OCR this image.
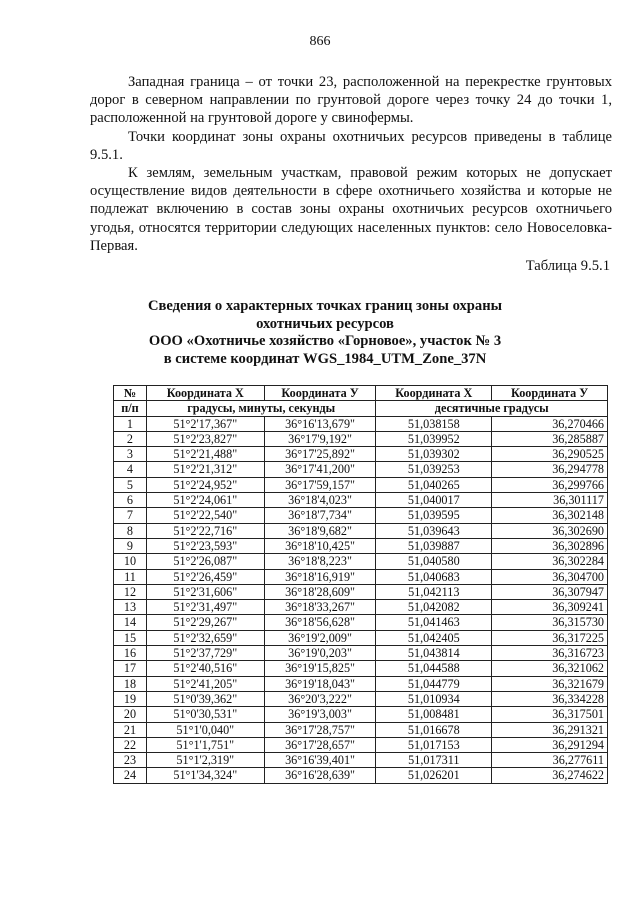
866

Западная граница – от точки 23, расположенной на перекрестке грунтовых дорог в северном направлении по грунтовой дороге через точку 24 до точки 1, расположенной на грунтовой дороге у свинофермы.

Точки координат зоны охраны охотничьих ресурсов приведены в таблице 9.5.1.

К землям, земельным участкам, правовой режим которых не допускает осуществление видов деятельности в сфере охотничьего хозяйства и которые не подлежат включению в состав зоны охраны охотничьих ресурсов охотничьего угодья, относятся территории следующих населенных пунктов: село Новоселовка-Первая.

Таблица 9.5.1
Сведения о характерных точках границ зоны охраны
охотничьих ресурсов
ООО «Охотничье хозяйство «Горновое», участок № 3
в системе координат WGS_1984_UTM_Zone_37N
№	Координата X	Координата У	Координата X	Координата У
п/п	градусы, минуты, секунды		десятичные градусы	
1	51°2'17,367"	36°16'13,679"	51,038158	36,270466
2	51°2'23,827"	36°17'9,192"	51,039952	36,285887
3	51°2'21,488"	36°17'25,892"	51,039302	36,290525
4	51°2'21,312"	36°17'41,200"	51,039253	36,294778
5	51°2'24,952"	36°17'59,157"	51,040265	36,299766
6	51°2'24,061"	36°18'4,023"	51,040017	36,301117
7	51°2'22,540"	36°18'7,734"	51,039595	36,302148
8	51°2'22,716"	36°18'9,682"	51,039643	36,302690
9	51°2'23,593"	36°18'10,425"	51,039887	36,302896
10	51°2'26,087"	36°18'8,223"	51,040580	36,302284
11	51°2'26,459"	36°18'16,919"	51,040683	36,304700
12	51°2'31,606"	36°18'28,609"	51,042113	36,307947
13	51°2'31,497"	36°18'33,267"	51,042082	36,309241
14	51°2'29,267"	36°18'56,628"	51,041463	36,315730
15	51°2'32,659"	36°19'2,009"	51,042405	36,317225
16	51°2'37,729"	36°19'0,203"	51,043814	36,316723
17	51°2'40,516"	36°19'15,825"	51,044588	36,321062
18	51°2'41,205"	36°19'18,043"	51,044779	36,321679
19	51°0'39,362"	36°20'3,222"	51,010934	36,334228
20	51°0'30,531"	36°19'3,003"	51,008481	36,317501
21	51°1'0,040"	36°17'28,757"	51,016678	36,291321
22	51°1'1,751"	36°17'28,657"	51,017153	36,291294
23	51°1'2,319"	36°16'39,401"	51,017311	36,277611
24	51°1'34,324"	36°16'28,639"	51,026201	36,274622
